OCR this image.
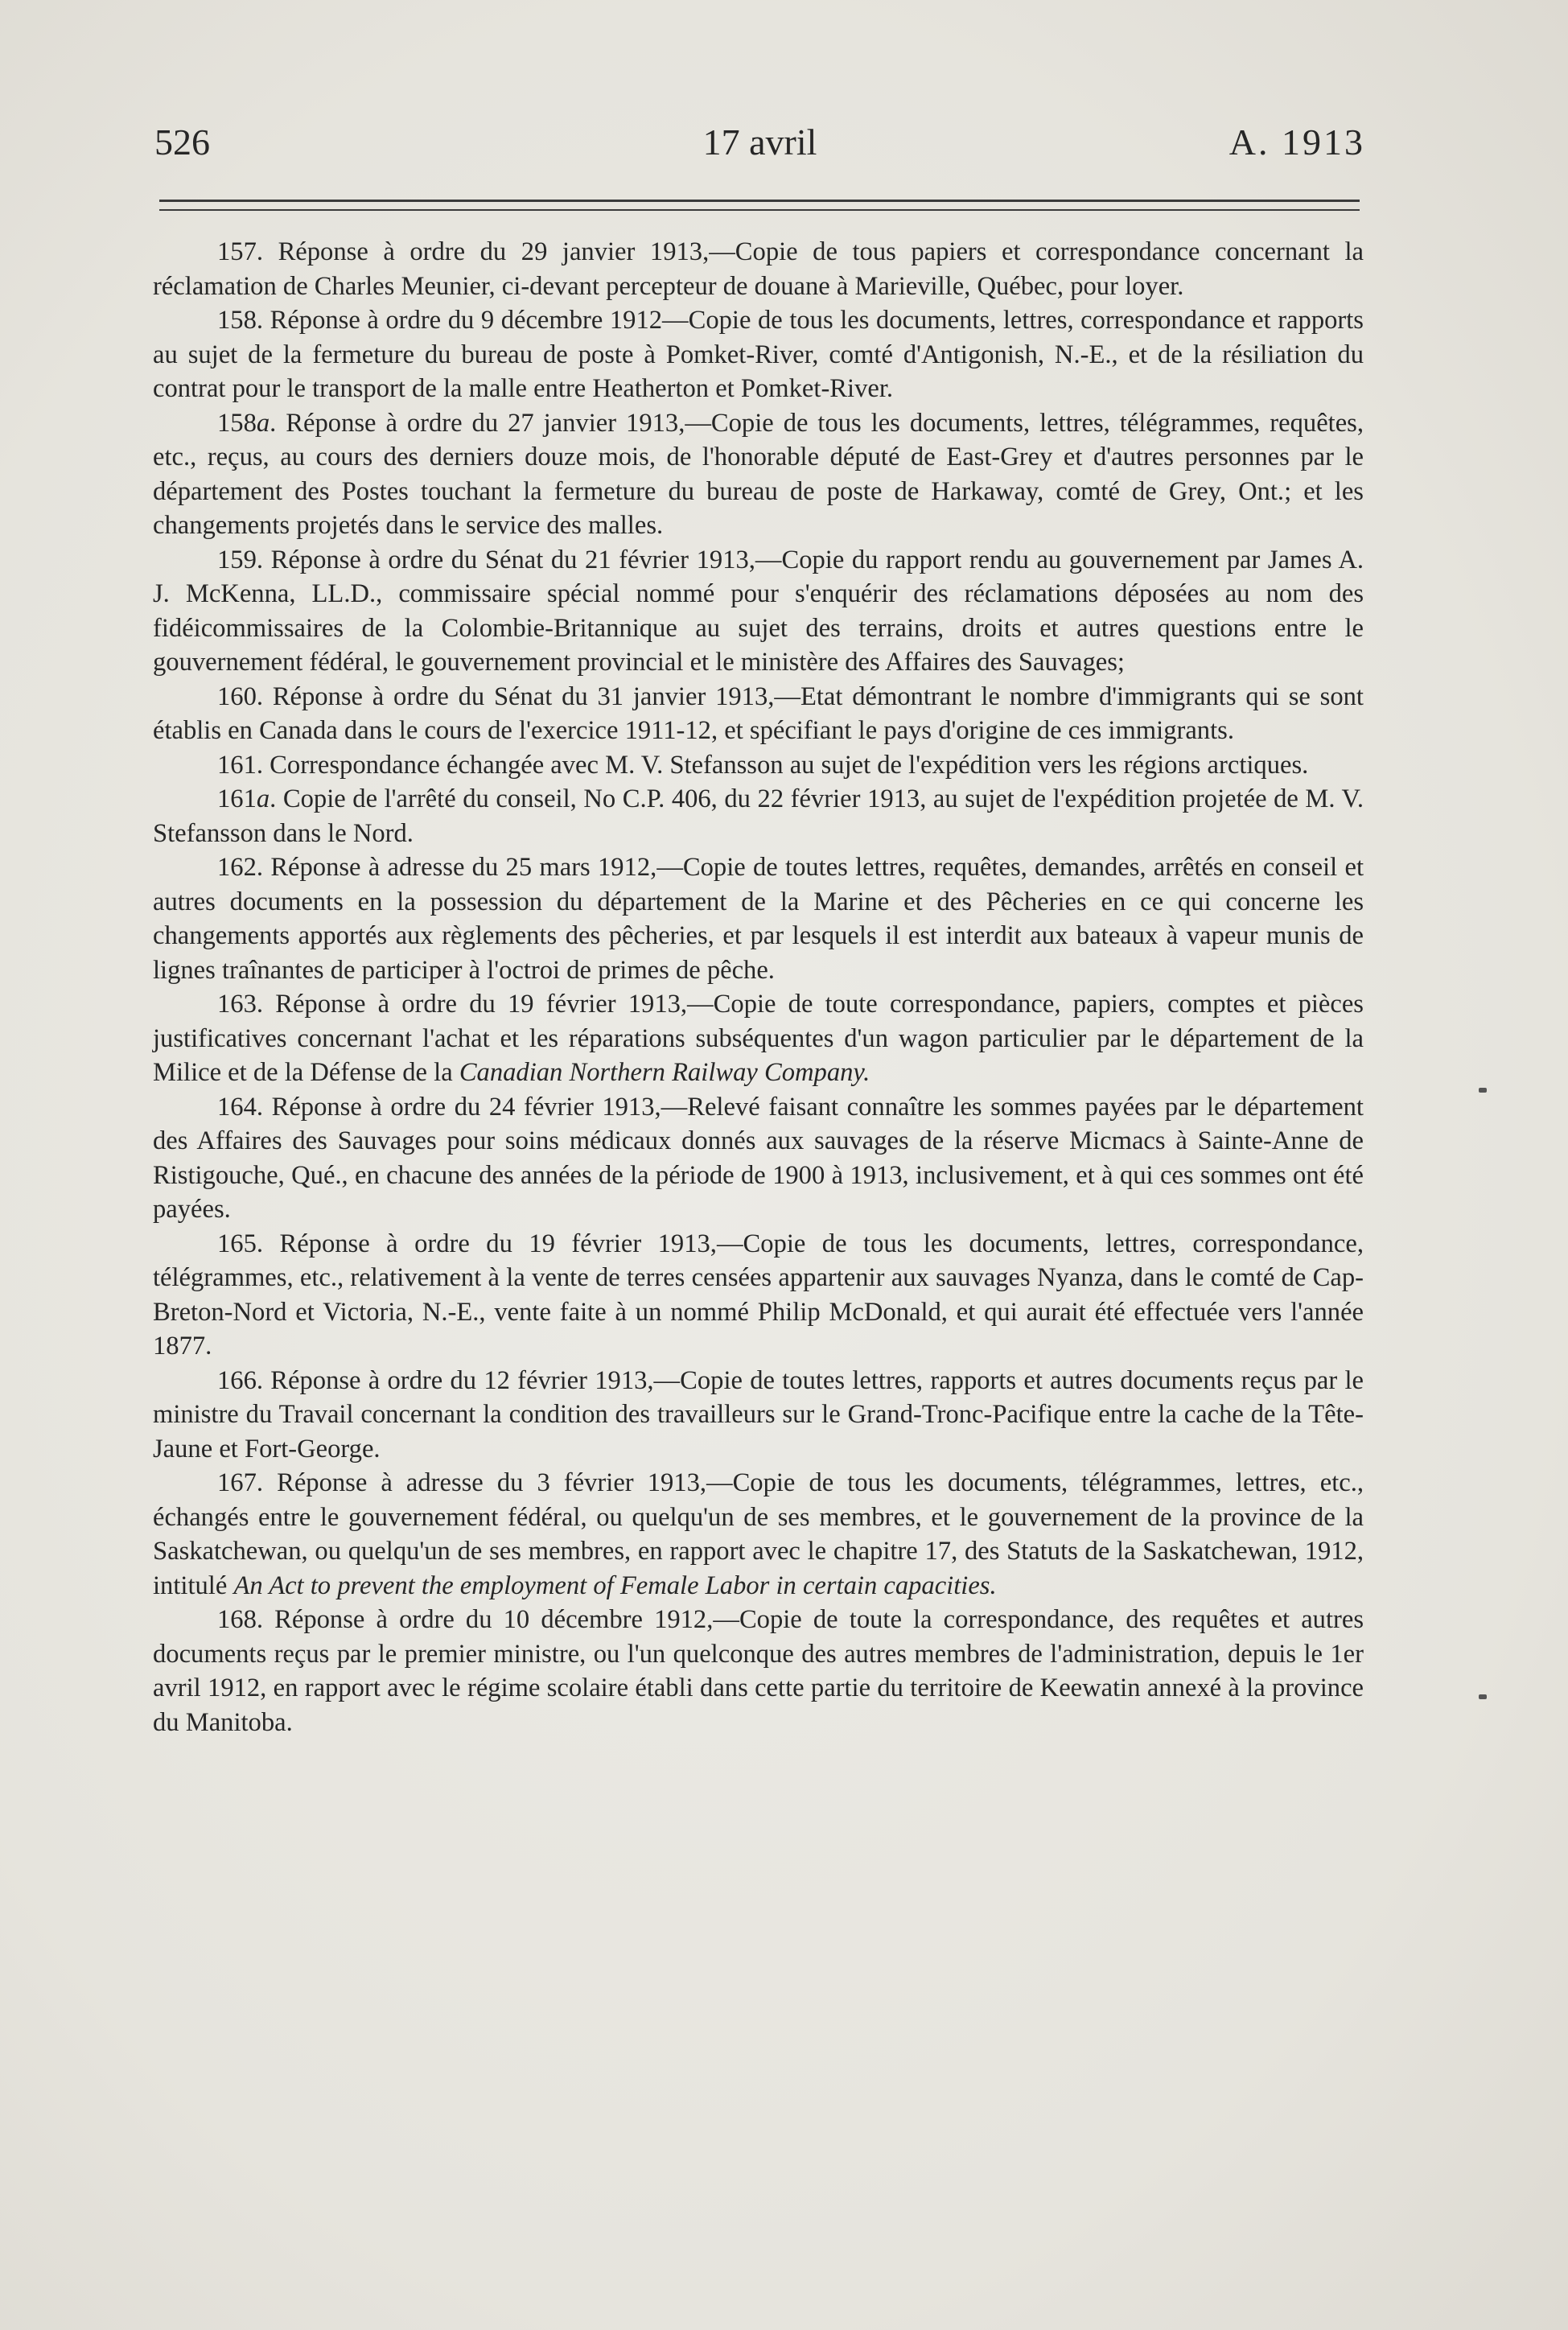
526	17 avril	A. 1913

157. Réponse à ordre du 29 janvier 1913,—Copie de tous papiers et correspondance concernant la réclamation de Charles Meunier, ci-devant percepteur de douane à Marieville, Québec, pour loyer.

158. Réponse à ordre du 9 décembre 1912—Copie de tous les documents, lettres, correspondance et rapports au sujet de la fermeture du bureau de poste à Pomket-River, comté d'Antigonish, N.-E., et de la résiliation du contrat pour le transport de la malle entre Heatherton et Pomket-River.

158a. Réponse à ordre du 27 janvier 1913,—Copie de tous les documents, lettres, télégrammes, requêtes, etc., reçus, au cours des derniers douze mois, de l'honorable député de East-Grey et d'autres personnes par le département des Postes touchant la fermeture du bureau de poste de Harkaway, comté de Grey, Ont.; et les changements projetés dans le service des malles.

159. Réponse à ordre du Sénat du 21 février 1913,—Copie du rapport rendu au gouvernement par James A. J. McKenna, LL.D., commissaire spécial nommé pour s'enquérir des réclamations déposées au nom des fidéicommissaires de la Colombie-Britannique au sujet des terrains, droits et autres questions entre le gouvernement fédéral, le gouvernement provincial et le ministère des Affaires des Sauvages;

160. Réponse à ordre du Sénat du 31 janvier 1913,—Etat démontrant le nombre d'immigrants qui se sont établis en Canada dans le cours de l'exercice 1911-12, et spécifiant le pays d'origine de ces immigrants.

161. Correspondance échangée avec M. V. Stefansson au sujet de l'expédition vers les régions arctiques.

161a. Copie de l'arrêté du conseil, No C.P. 406, du 22 février 1913, au sujet de l'expédition projetée de M. V. Stefansson dans le Nord.

162. Réponse à adresse du 25 mars 1912,—Copie de toutes lettres, requêtes, demandes, arrêtés en conseil et autres documents en la possession du département de la Marine et des Pêcheries en ce qui concerne les changements apportés aux règlements des pêcheries, et par lesquels il est interdit aux bateaux à vapeur munis de lignes traînantes de participer à l'octroi de primes de pêche.

163. Réponse à ordre du 19 février 1913,—Copie de toute correspondance, papiers, comptes et pièces justificatives concernant l'achat et les réparations subséquentes d'un wagon particulier par le département de la Milice et de la Défense de la Canadian Northern Railway Company.

164. Réponse à ordre du 24 février 1913,—Relevé faisant connaître les sommes payées par le département des Affaires des Sauvages pour soins médicaux donnés aux sauvages de la réserve Micmacs à Sainte-Anne de Ristigouche, Qué., en chacune des années de la période de 1900 à 1913, inclusivement, et à qui ces sommes ont été payées.

165. Réponse à ordre du 19 février 1913,—Copie de tous les documents, lettres, correspondance, télégrammes, etc., relativement à la vente de terres censées appartenir aux sauvages Nyanza, dans le comté de Cap-Breton-Nord et Victoria, N.-E., vente faite à un nommé Philip McDonald, et qui aurait été effectuée vers l'année 1877.

166. Réponse à ordre du 12 février 1913,—Copie de toutes lettres, rapports et autres documents reçus par le ministre du Travail concernant la condition des travailleurs sur le Grand-Tronc-Pacifique entre la cache de la Tête-Jaune et Fort-George.

167. Réponse à adresse du 3 février 1913,—Copie de tous les documents, télégrammes, lettres, etc., échangés entre le gouvernement fédéral, ou quelqu'un de ses membres, et le gouvernement de la province de la Saskatchewan, ou quelqu'un de ses membres, en rapport avec le chapitre 17, des Statuts de la Saskatchewan, 1912, intitulé An Act to prevent the employment of Female Labor in certain capacities.

168. Réponse à ordre du 10 décembre 1912,—Copie de toute la correspondance, des requêtes et autres documents reçus par le premier ministre, ou l'un quelconque des autres membres de l'administration, depuis le 1er avril 1912, en rapport avec le régime scolaire établi dans cette partie du territoire de Keewatin annexé à la province du Manitoba.
